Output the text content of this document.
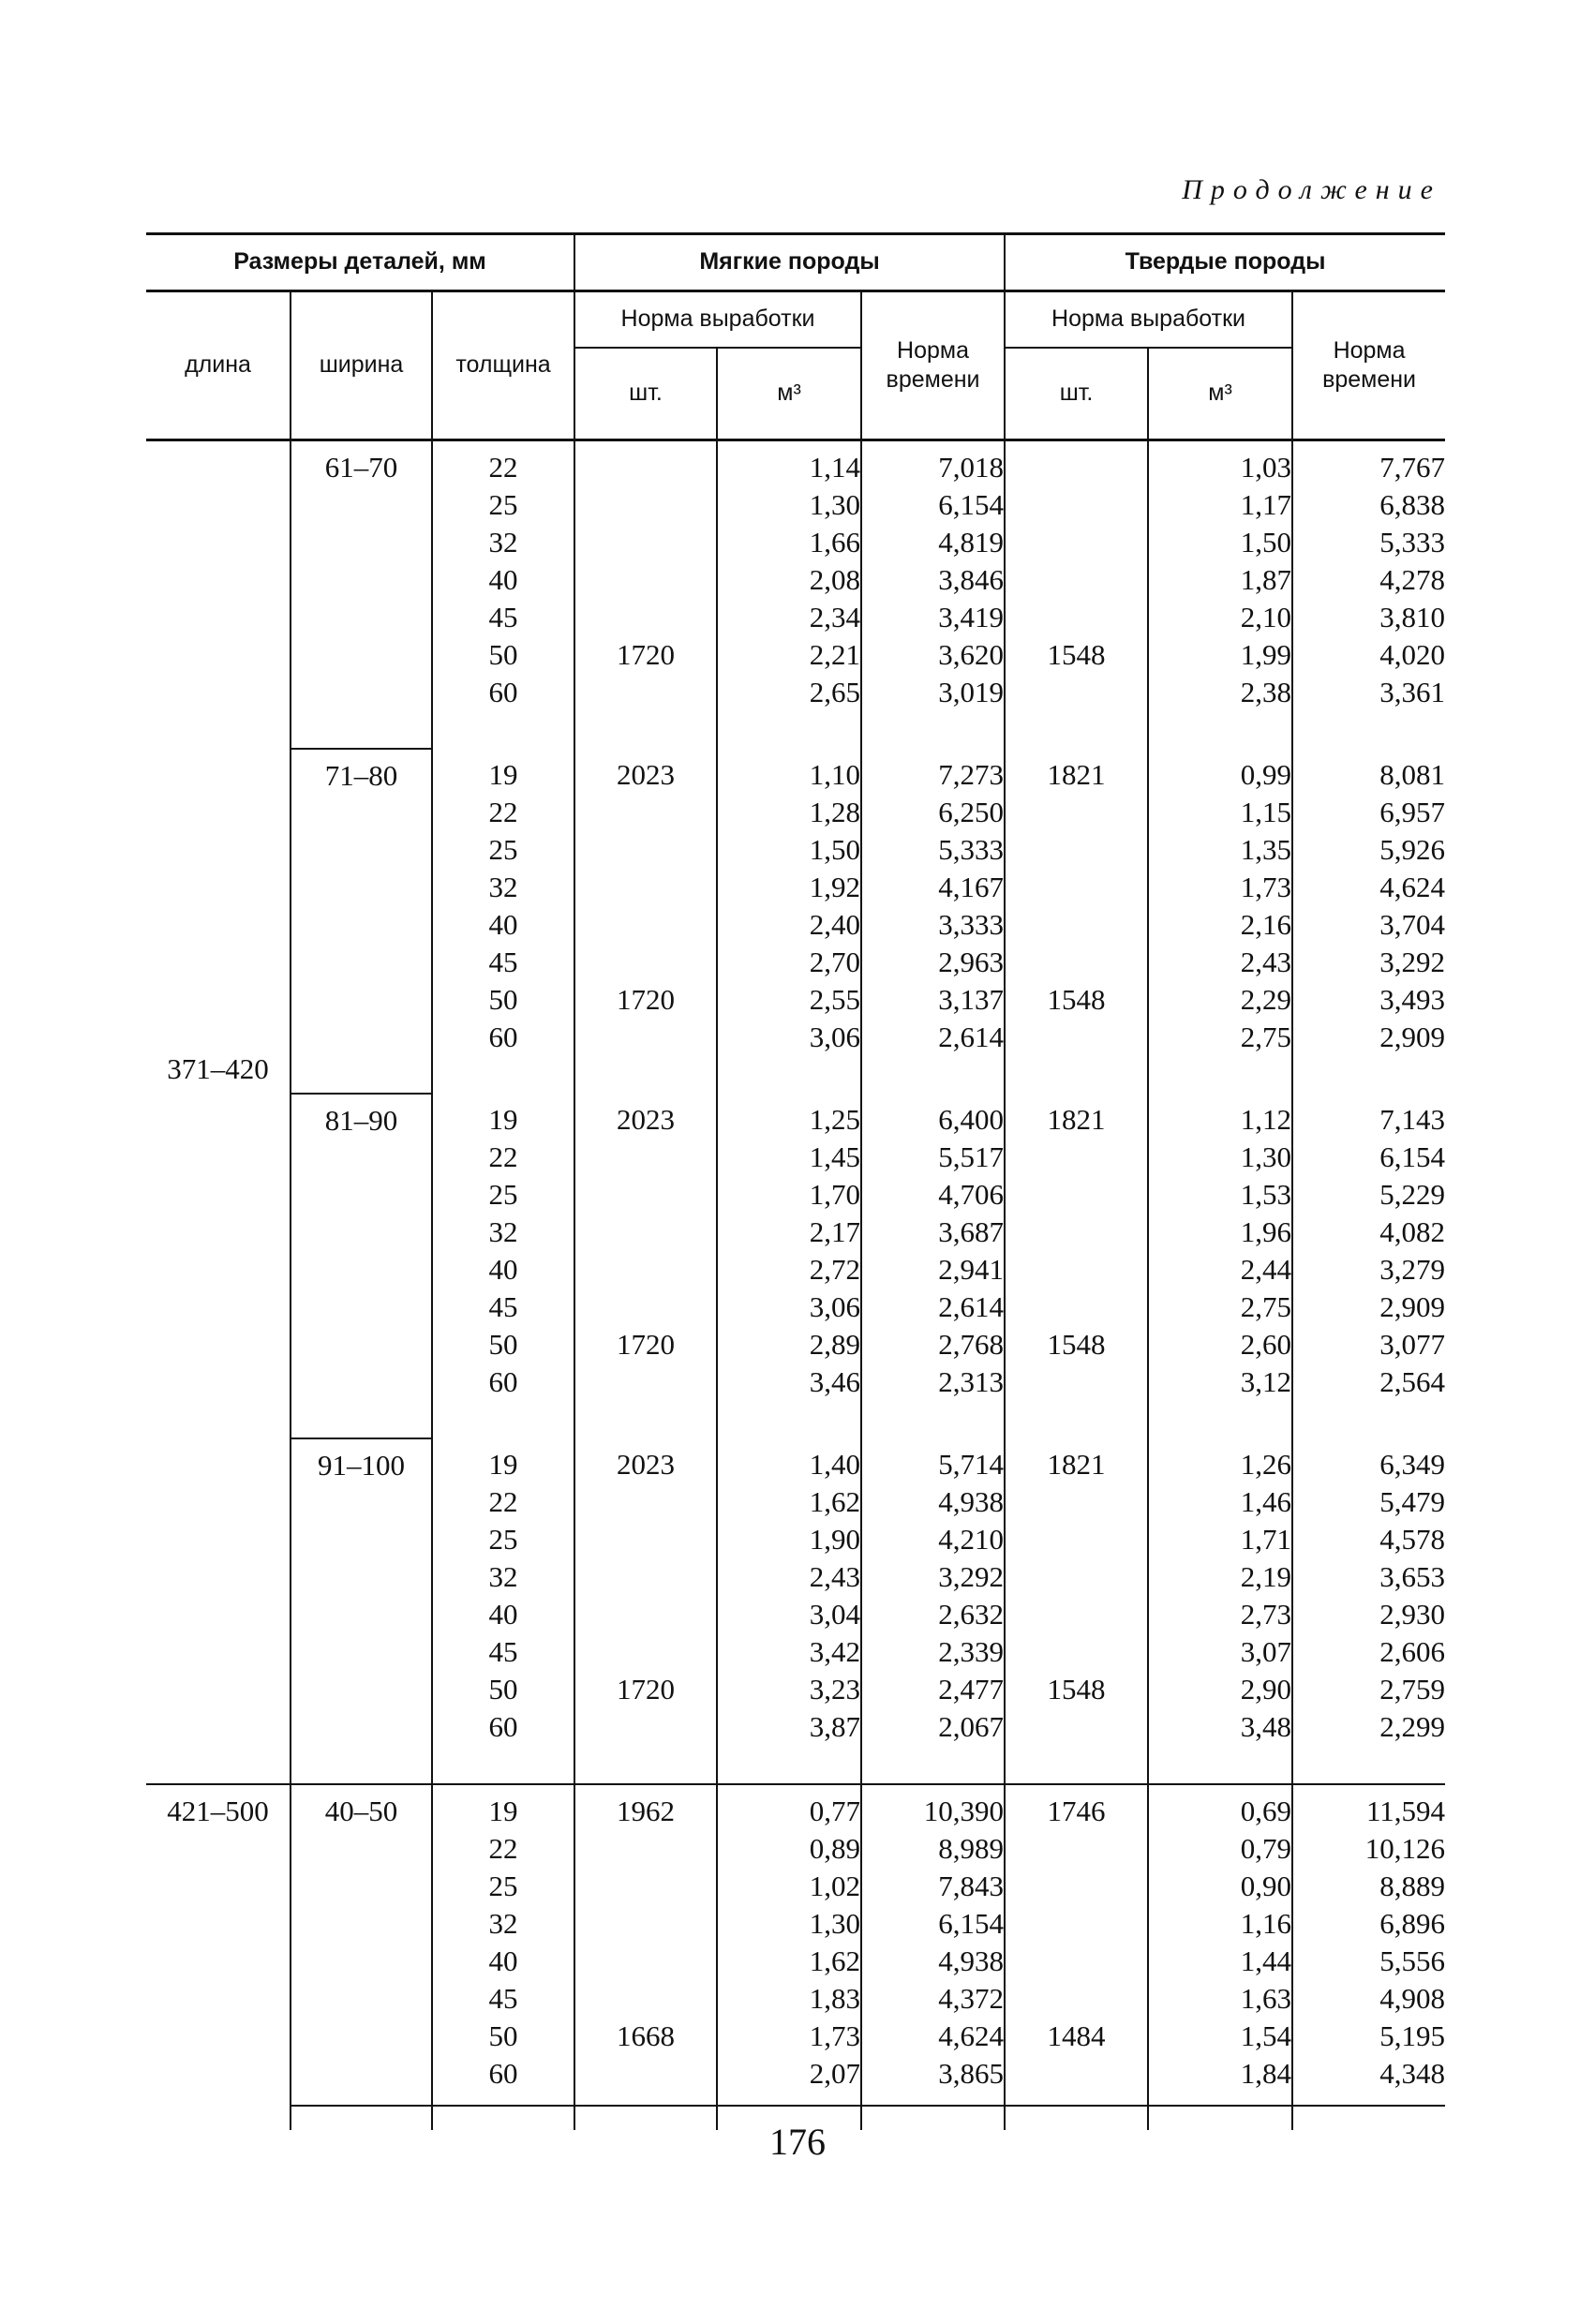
Продолжение
Размеры деталей, мм			Мягкие породы			Твердые породы		
длина	ширина	толщина	Норма выработки		Норма времени	Норма выработки		Норма времени
			шт.	м³		шт.	м³	
371–420	61–70	22		1,14	7,018		1,03	7,767
		25		1,30	6,154		1,17	6,838
		32		1,66	4,819		1,50	5,333
		40		2,08	3,846		1,87	4,278
		45		2,34	3,419		2,10	3,810
		50	1720	2,21	3,620	1548	1,99	4,020
		60		2,65	3,019		2,38	3,361
	71–80	19	2023	1,10	7,273	1821	0,99	8,081
		22		1,28	6,250		1,15	6,957
		25		1,50	5,333		1,35	5,926
		32		1,92	4,167		1,73	4,624
		40		2,40	3,333		2,16	3,704
		45		2,70	2,963		2,43	3,292
		50	1720	2,55	3,137	1548	2,29	3,493
		60		3,06	2,614		2,75	2,909
	81–90	19	2023	1,25	6,400	1821	1,12	7,143
		22		1,45	5,517		1,30	6,154
		25		1,70	4,706		1,53	5,229
		32		2,17	3,687		1,96	4,082
		40		2,72	2,941		2,44	3,279
		45		3,06	2,614		2,75	2,909
		50	1720	2,89	2,768	1548	2,60	3,077
		60		3,46	2,313		3,12	2,564
	91–100	19	2023	1,40	5,714	1821	1,26	6,349
		22		1,62	4,938		1,46	5,479
		25		1,90	4,210		1,71	4,578
		32		2,43	3,292		2,19	3,653
		40		3,04	2,632		2,73	2,930
		45		3,42	2,339		3,07	2,606
		50	1720	3,23	2,477	1548	2,90	2,759
		60		3,87	2,067		3,48	2,299
421–500	40–50	19	1962	0,77	10,390	1746	0,69	11,594
		22		0,89	8,989		0,79	10,126
		25		1,02	7,843		0,90	8,889
		32		1,30	6,154		1,16	6,896
		40		1,62	4,938		1,44	5,556
		45		1,83	4,372		1,63	4,908
		50	1668	1,73	4,624	1484	1,54	5,195
		60		2,07	3,865		1,84	4,348
176
